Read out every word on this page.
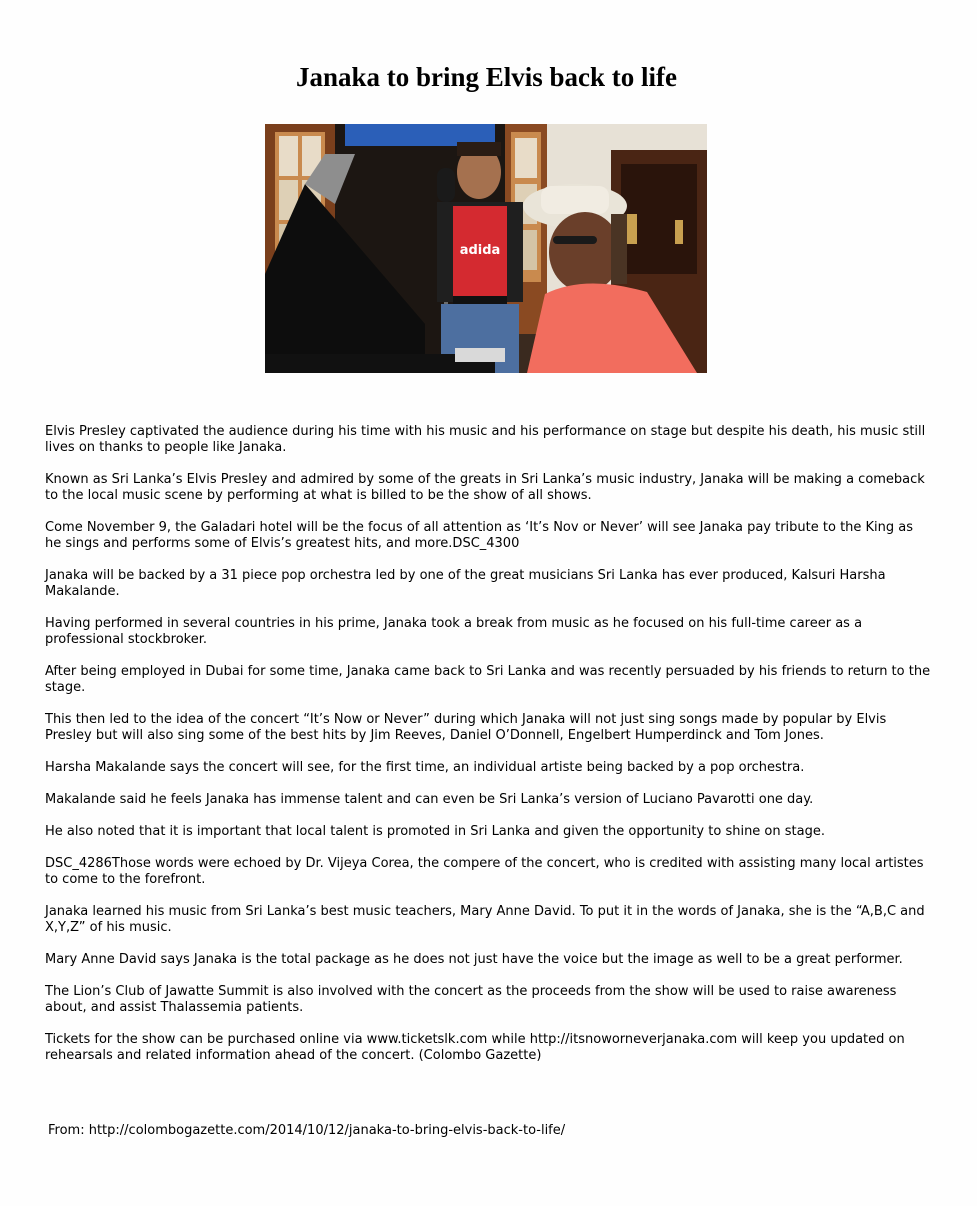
Janaka to bring Elvis back to life
adida

Elvis Presley captivated the audience during his time with his music and his performance on stage but despite his death, his music still lives on thanks to people like Janaka.

Known as Sri Lanka’s Elvis Presley and admired by some of the greats in Sri Lanka’s music industry, Janaka will be making a comeback to the local music scene by performing at what is billed to be the show of all shows.

Come November 9, the Galadari hotel will be the focus of all attention as ‘It’s Nov or Never’ will see Janaka pay tribute to the King as he sings and performs some of Elvis’s greatest hits, and more.DSC_4300

Janaka will be backed by a 31 piece pop orchestra led by one of the great musicians Sri Lanka has ever produced, Kalsuri Harsha Makalande.

Having performed in several countries in his prime, Janaka took a break from music as he focused on his full-time career as a professional stockbroker.

After being employed in Dubai for some time, Janaka came back to Sri Lanka and was recently persuaded by his friends to return to the stage.

This then led to the idea of the concert “It’s Now or Never” during which Janaka will not just sing songs made by popular by Elvis Presley but will also sing some of the best hits by Jim Reeves, Daniel O’Donnell, Engelbert Humperdinck and Tom Jones.

Harsha Makalande says the concert will see, for the first time, an individual artiste being backed by a pop orchestra.

Makalande said he feels Janaka has immense talent and can even be Sri Lanka’s version of Luciano Pavarotti one day.

He also noted that it is important that local talent is promoted in Sri Lanka and given the opportunity to shine on stage.

DSC_4286Those words were echoed by Dr. Vijeya Corea, the compere of the concert, who is credited with assisting many local artistes to come to the forefront.

Janaka learned his music from Sri Lanka’s best music teachers, Mary Anne David. To put it in the words of Janaka, she is the “A,B,C and X,Y,Z” of his music.

Mary Anne David says Janaka is the total package as he does not just have the voice but the image as well to be a great performer.

The Lion’s Club of Jawatte Summit is also involved with the concert as the proceeds from the show will be used to raise awareness about, and assist Thalassemia patients.

Tickets for the show can be purchased online via www.ticketslk.com while http://itsnoworneverjanaka.com will keep you updated on rehearsals and related information ahead of the concert. (Colombo Gazette)

From: http://colombogazette.com/2014/10/12/janaka-to-bring-elvis-back-to-life/
